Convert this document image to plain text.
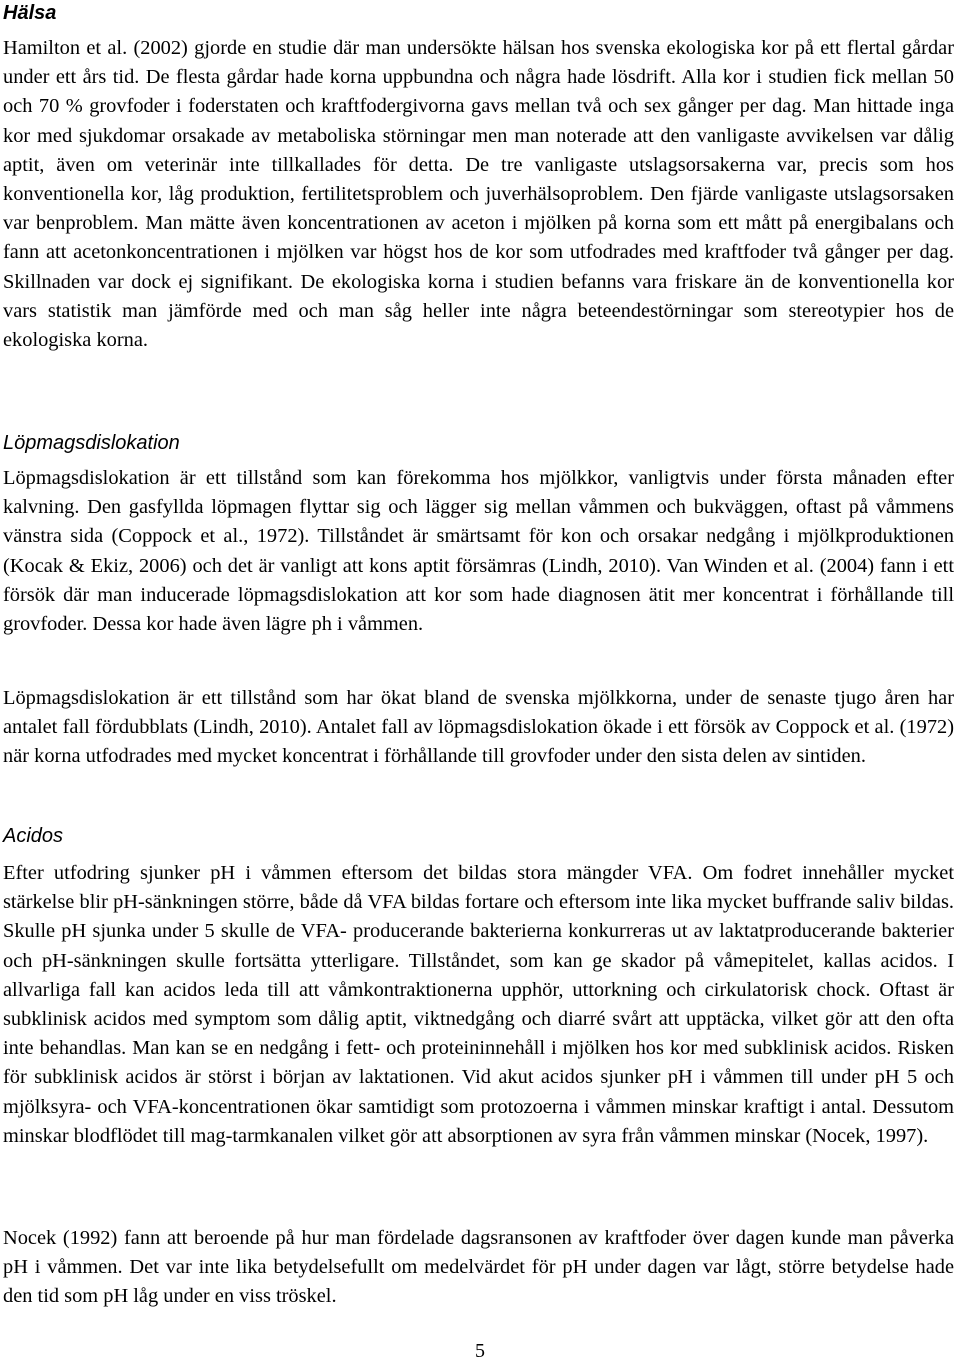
Hälsa

Hamilton et al. (2002) gjorde en studie där man undersökte hälsan hos svenska ekologiska kor på ett flertal gårdar under ett års tid. De flesta gårdar hade korna uppbundna och några hade lösdrift. Alla kor i studien fick mellan 50 och 70 % grovfoder i foderstaten och kraftfodergivorna gavs mellan två och sex gånger per dag. Man hittade inga kor med sjukdomar orsakade av metaboliska störningar men man noterade att den vanligaste avvikelsen var dålig aptit, även om veterinär inte tillkallades för detta. De tre vanligaste utslagsorsakerna var, precis som hos konventionella kor, låg produktion, fertilitetsproblem och juverhälsoproblem. Den fjärde vanligaste utslagsorsaken var benproblem. Man mätte även koncentrationen av aceton i mjölken på korna som ett mått på energibalans och fann att acetonkoncentrationen i mjölken var högst hos de kor som utfodrades med kraftfoder två gånger per dag. Skillnaden var dock ej signifikant. De ekologiska korna i studien befanns vara friskare än de konventionella kor vars statistik man jämförde med och man såg heller inte några beteendestörningar som stereotypier hos de ekologiska korna.

Löpmagsdislokation

Löpmagsdislokation är ett tillstånd som kan förekomma hos mjölkkor, vanligtvis under första månaden efter kalvning. Den gasfyllda löpmagen flyttar sig och lägger sig mellan våmmen och bukväggen, oftast på våmmens vänstra sida (Coppock et al., 1972). Tillståndet är smärtsamt för kon och orsakar nedgång i mjölkproduktionen (Kocak & Ekiz, 2006) och det är vanligt att kons aptit försämras (Lindh, 2010). Van Winden et al. (2004) fann i ett försök där man inducerade löpmagsdislokation att kor som hade diagnosen ätit mer koncentrat i förhållande till grovfoder. Dessa kor hade även lägre ph i våmmen.

Löpmagsdislokation är ett tillstånd som har ökat bland de svenska mjölkkorna, under de senaste tjugo åren har antalet fall fördubblats (Lindh, 2010). Antalet fall av löpmagsdislokation ökade i ett försök av Coppock et al. (1972) när korna utfodrades med mycket koncentrat i förhållande till grovfoder under den sista delen av sintiden.

Acidos

Efter utfodring sjunker pH i våmmen eftersom det bildas stora mängder VFA. Om fodret innehåller mycket stärkelse blir pH-sänkningen större, både då VFA bildas fortare och eftersom inte lika mycket buffrande saliv bildas. Skulle pH sjunka under 5 skulle de VFA- producerande bakterierna konkurreras ut av laktatproducerande bakterier och pH-sänkningen skulle fortsätta ytterligare. Tillståndet, som kan ge skador på våmepitelet, kallas acidos. I allvarliga fall kan acidos leda till att våmkontraktionerna upphör, uttorkning och cirkulatorisk chock. Oftast är subklinisk acidos med symptom som dålig aptit, viktnedgång och diarré svårt att upptäcka, vilket gör att den ofta inte behandlas. Man kan se en nedgång i fett- och proteininnehåll i mjölken hos kor med subklinisk acidos. Risken för subklinisk acidos är störst i början av laktationen. Vid akut acidos sjunker pH i våmmen till under pH 5 och mjölksyra- och VFA-koncentrationen ökar samtidigt som protozoerna i våmmen minskar kraftigt i antal. Dessutom minskar blodflödet till mag-tarmkanalen vilket gör att absorptionen av syra från våmmen minskar (Nocek, 1997).

Nocek (1992) fann att beroende på hur man fördelade dagsransonen av kraftfoder över dagen kunde man påverka pH i våmmen. Det var inte lika betydelsefullt om medelvärdet för pH under dagen var lågt, större betydelse hade den tid som pH låg under en viss tröskel.

5
